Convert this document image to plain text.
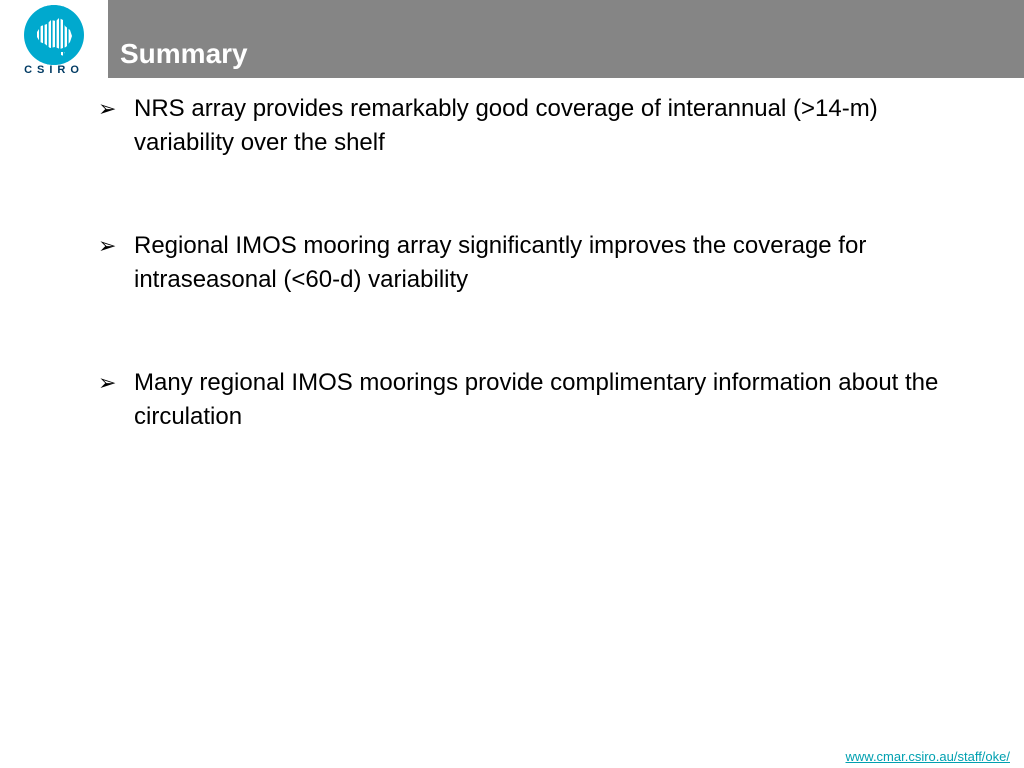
CSIRO
Summary
➢ NRS array provides remarkably good coverage of interannual (>14-m) variability over the shelf
➢ Regional IMOS mooring array significantly improves the coverage for intraseasonal (<60-d) variability
➢ Many regional IMOS moorings provide complimentary information about the circulation
www.cmar.csiro.au/staff/oke/
